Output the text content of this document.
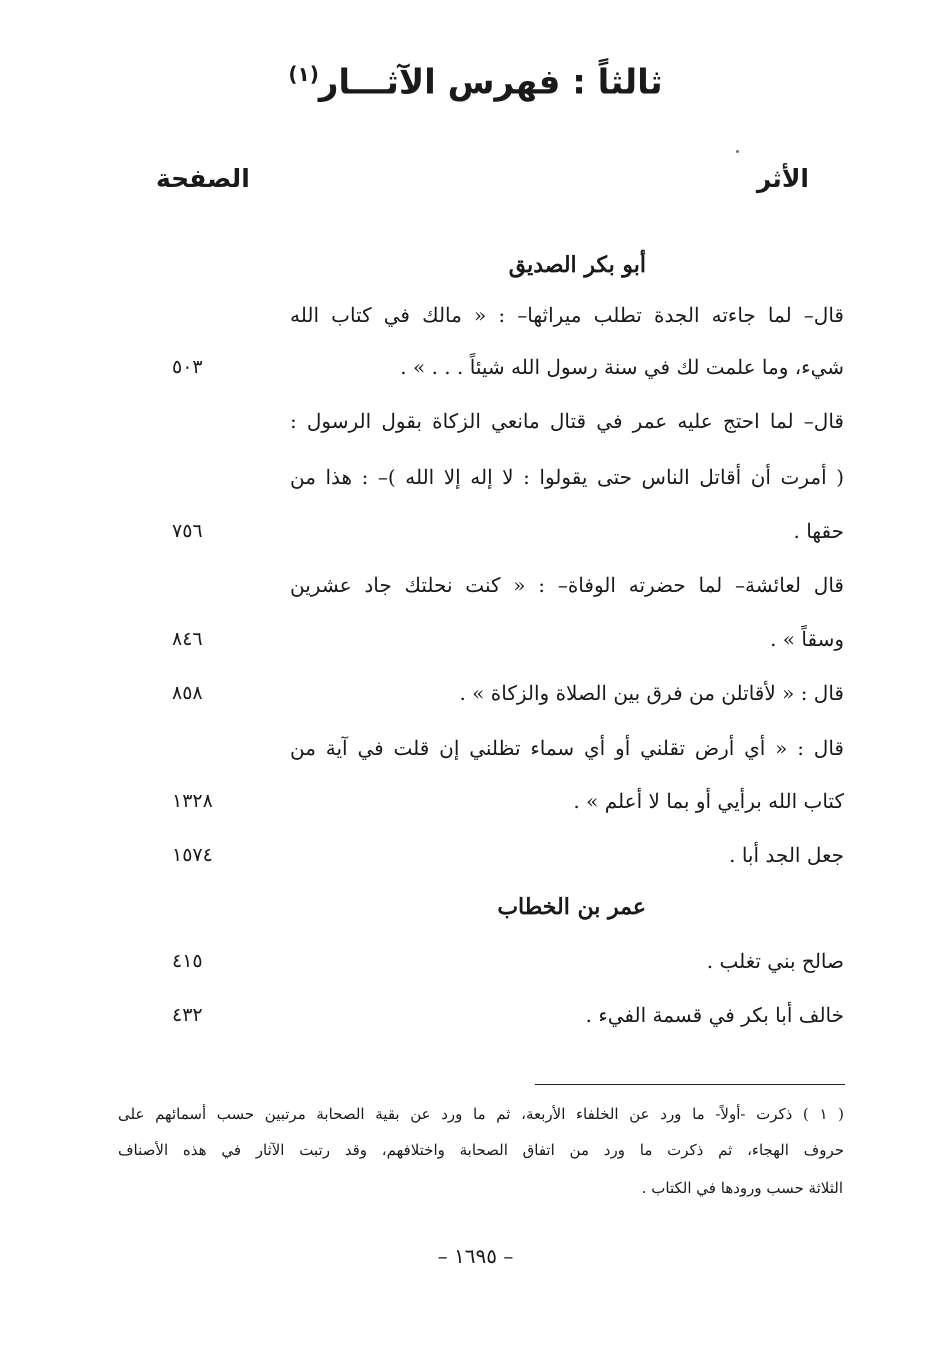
ثالثاً : فهرس الآثـــار$^{(١)}$
الأثر
الصفحة
أبو بكر الصديق
قال– لما جاءته الجدة تطلب ميراثها– : « مالك في كتاب الله
شيء، وما علمت لك في سنة رسول الله شيئاً . . . » .
٥٠٣
قال– لما احتج عليه عمر في قتال مانعي الزكاة بقول الرسول :
( أمرت أن أقاتل الناس حتى يقولوا : لا إله إلا الله )– : هذا من
حقها .
٧٥٦
قال لعائشة– لما حضرته الوفاة– : « كنت نحلتك جاد عشرين
وسقاً » .
٨٤٦
قال : « لأقاتلن من فرق بين الصلاة والزكاة » .
٨٥٨
قال : « أي أرض تقلني أو أي سماء تظلني إن قلت في آية من
كتاب الله برأيي أو بما لا أعلم » .
١٣٢٨
جعل الجد أبا .
١٥٧٤
عمر بن الخطاب
صالح بني تغلب .
٤١٥
خالف أبا بكر في قسمة الفيء .
٤٣٢
( ١ ) ذكرت -أولاً- ما ورد عن الخلفاء الأربعة، ثم ما ورد عن بقية الصحابة مرتبين حسب أسمائهم على
حروف الهجاء، ثم ذكرت ما ورد من اتفاق الصحابة واختلافهم، وقد رتبت الآثار في هذه الأصناف
الثلاثة حسب ورودها في الكتاب .
– ١٦٩٥ –
